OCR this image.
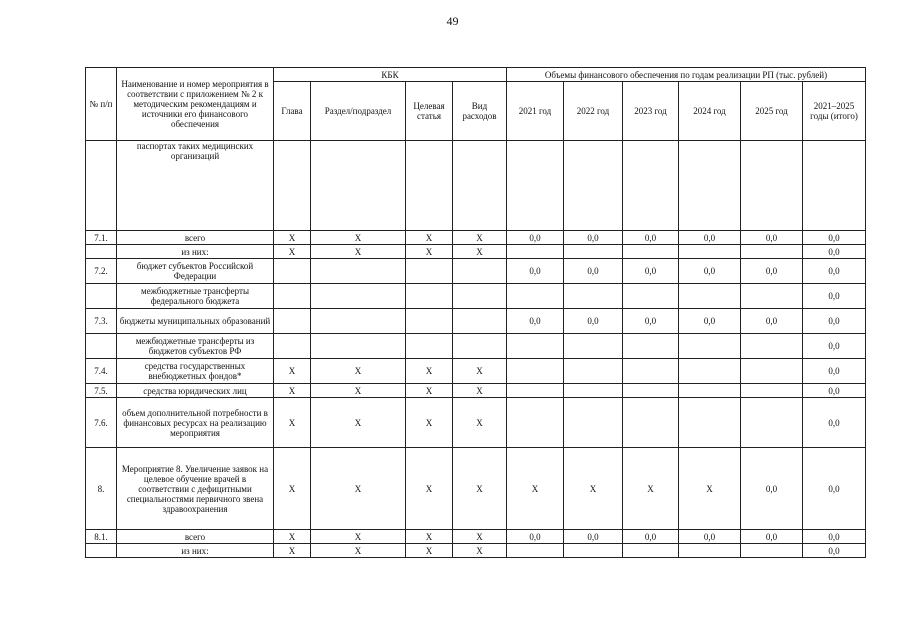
49
№ п/п	Наименование и номер мероприятия в соответствии с приложением № 2 к методическим рекомендациям и источники его финансового обеспечения	КБК				Объемы финансового обеспечения по годам реализации РП (тыс. рублей)					
		Глава	Раздел/подраздел	Целевая статья	Вид расходов	2021 год	2022 год	2023 год	2024 год	2025 год	2021–2025 годы (итого)
	паспортах таких медицинских организаций										
7.1.	всего	X	X	X	X	0,0	0,0	0,0	0,0	0,0	0,0
	из них:	X	X	X	X						0,0
7.2.	бюджет субъектов Российской Федерации					0,0	0,0	0,0	0,0	0,0	0,0
	межбюджетные трансферты федерального бюджета										0,0
7.3.	бюджеты муниципальных образований					0,0	0,0	0,0	0,0	0,0	0,0
	межбюджетные трансферты из бюджетов субъектов РФ										0,0
7.4.	средства государственных внебюджетных фондов*	X	X	X	X						0,0
7.5.	средства юридических лиц	X	X	X	X						0,0
7.6.	объем дополнительной потребности в финансовых ресурсах на реализацию мероприятия	X	X	X	X						0,0
8.	Мероприятие 8. Увеличение заявок на целевое обучение врачей в соответствии с дефицитными специальностями первичного звена здравоохранения	X	X	X	X	X	X	X	X	0,0	0,0
8.1.	всего	X	X	X	X	0,0	0,0	0,0	0,0	0,0	0,0
	из них:	X	X	X	X						0,0
